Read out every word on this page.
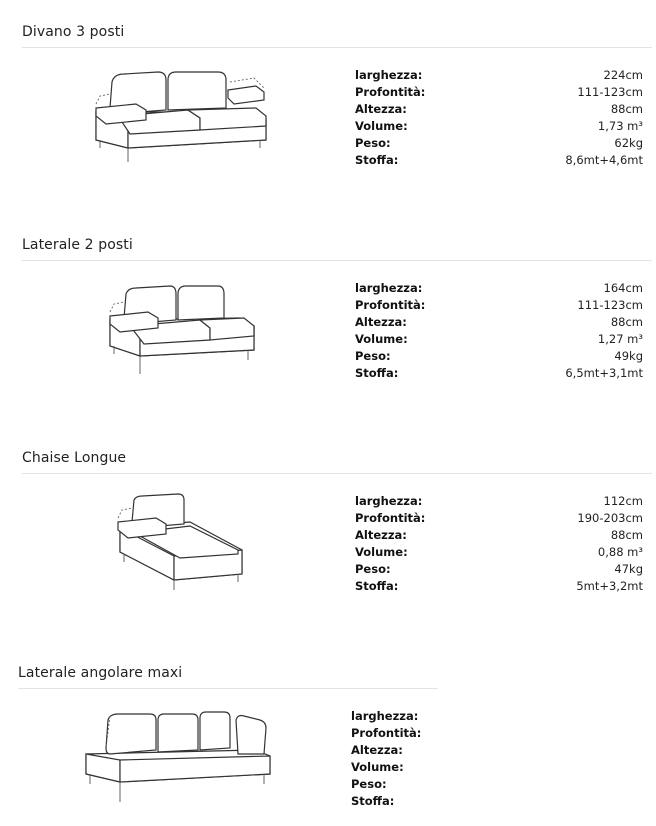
Divano 3 posti
larghezza:	224cm
Profontità:	111-123cm
Altezza:	88cm
Volume:	1,73 m³
Peso:	62kg
Stoffa:	8,6mt+4,6mt
Laterale 2 posti
larghezza:	164cm
Profontità:	111-123cm
Altezza:	88cm
Volume:	1,27 m³
Peso:	49kg
Stoffa:	6,5mt+3,1mt
Chaise Longue
larghezza:	112cm
Profontità:	190-203cm
Altezza:	88cm
Volume:	0,88 m³
Peso:	47kg
Stoffa:	5mt+3,2mt
Laterale angolare maxi
larghezza:
Profontità:
Altezza:
Volume:
Peso:
Stoffa:
